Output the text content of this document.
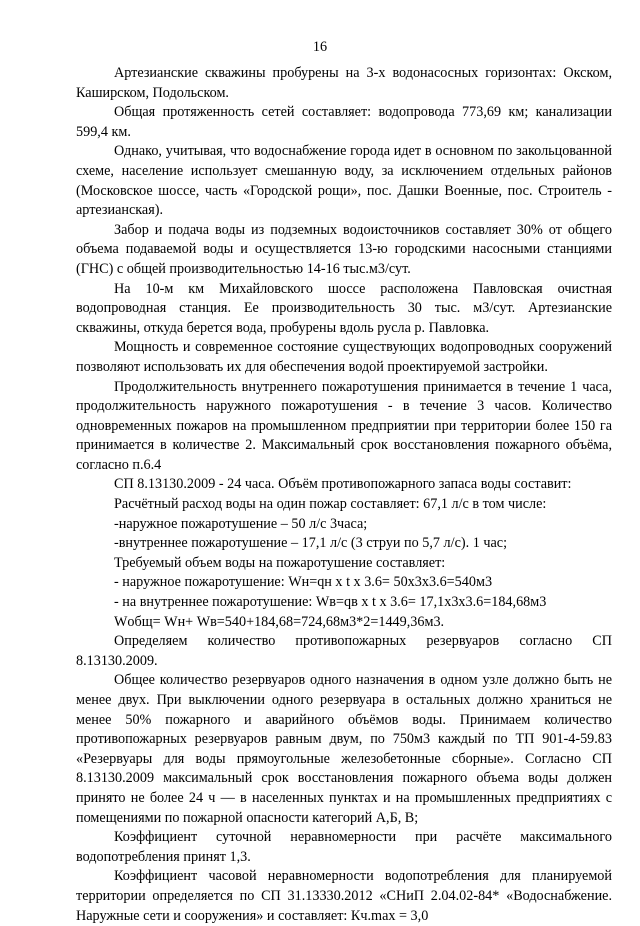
16

Артезианские скважины пробурены на 3-х водонасосных горизонтах: Окском, Каширском, Подольском.

Общая протяженность сетей составляет: водопровода 773,69 км; канализации 599,4 км.

Однако, учитывая, что водоснабжение города идет в основном по закольцованной схеме, население использует смешанную воду, за исключением отдельных районов (Московское шоссе, часть «Городской рощи», пос. Дашки Военные, пос. Строитель - артезианская).

Забор и подача воды из подземных водоисточников составляет 30% от общего объема подаваемой воды и осуществляется 13-ю городскими насосными станциями (ГНС) с общей производительностью 14-16 тыс.м3/сут.

На 10-м км Михайловского шоссе расположена Павловская очистная водопроводная станция. Ее производительность 30 тыс. м3/сут. Артезианские скважины, откуда берется вода, пробурены вдоль русла р. Павловка.

Мощность и современное состояние существующих водопроводных сооружений позволяют использовать их для обеспечения водой проектируемой застройки.

Продолжительность внутреннего пожаротушения принимается в течение 1 часа, продолжительность наружного пожаротушения - в течение 3 часов. Количество одновременных пожаров на промышленном предприятии при территории более 150 га принимается в количестве 2. Максимальный срок восстановления пожарного объёма, согласно п.6.4

СП 8.13130.2009 - 24 часа. Объём противопожарного запаса воды составит:

Расчётный расход воды на один пожар составляет: 67,1 л/с в том числе:

-наружное пожаротушение – 50 л/с 3часа;

-внутреннее пожаротушение – 17,1 л/с (3 струи по 5,7 л/с). 1 час;

Требуемый объем воды на пожаротушение составляет:

- наружное пожаротушение: Wн=qн x t x 3.6= 50x3x3.6=540м3

- на внутреннее пожаротушение: Wв=qв x t x 3.6= 17,1x3x3.6=184,68м3

Wобщ= Wн+ Wв=540+184,68=724,68м3*2=1449,36м3.

Определяем количество противопожарных резервуаров согласно СП 8.13130.2009.

Общее количество резервуаров одного назначения в одном узле должно быть не менее двух. При выключении одного резервуара в остальных должно храниться не менее 50% пожарного и аварийного объёмов воды. Принимаем количество противопожарных резервуаров равным двум, по 750м3 каждый по ТП 901-4-59.83 «Резервуары для воды прямоугольные железобетонные сборные». Согласно СП 8.13130.2009 максимальный срок восстановления пожарного объема воды должен принято не более 24 ч — в населенных пунктах и на промышленных предприятиях с помещениями по пожарной опасности категорий А,Б, В;

Коэффициент суточной неравномерности при расчёте максимального водопотребления принят 1,3.

Коэффициент часовой неравномерности водопотребления для планируемой территории определяется по СП 31.13330.2012 «СНиП 2.04.02-84* «Водоснабжение. Наружные сети и сооружения» и составляет: Кч.max = 3,0
